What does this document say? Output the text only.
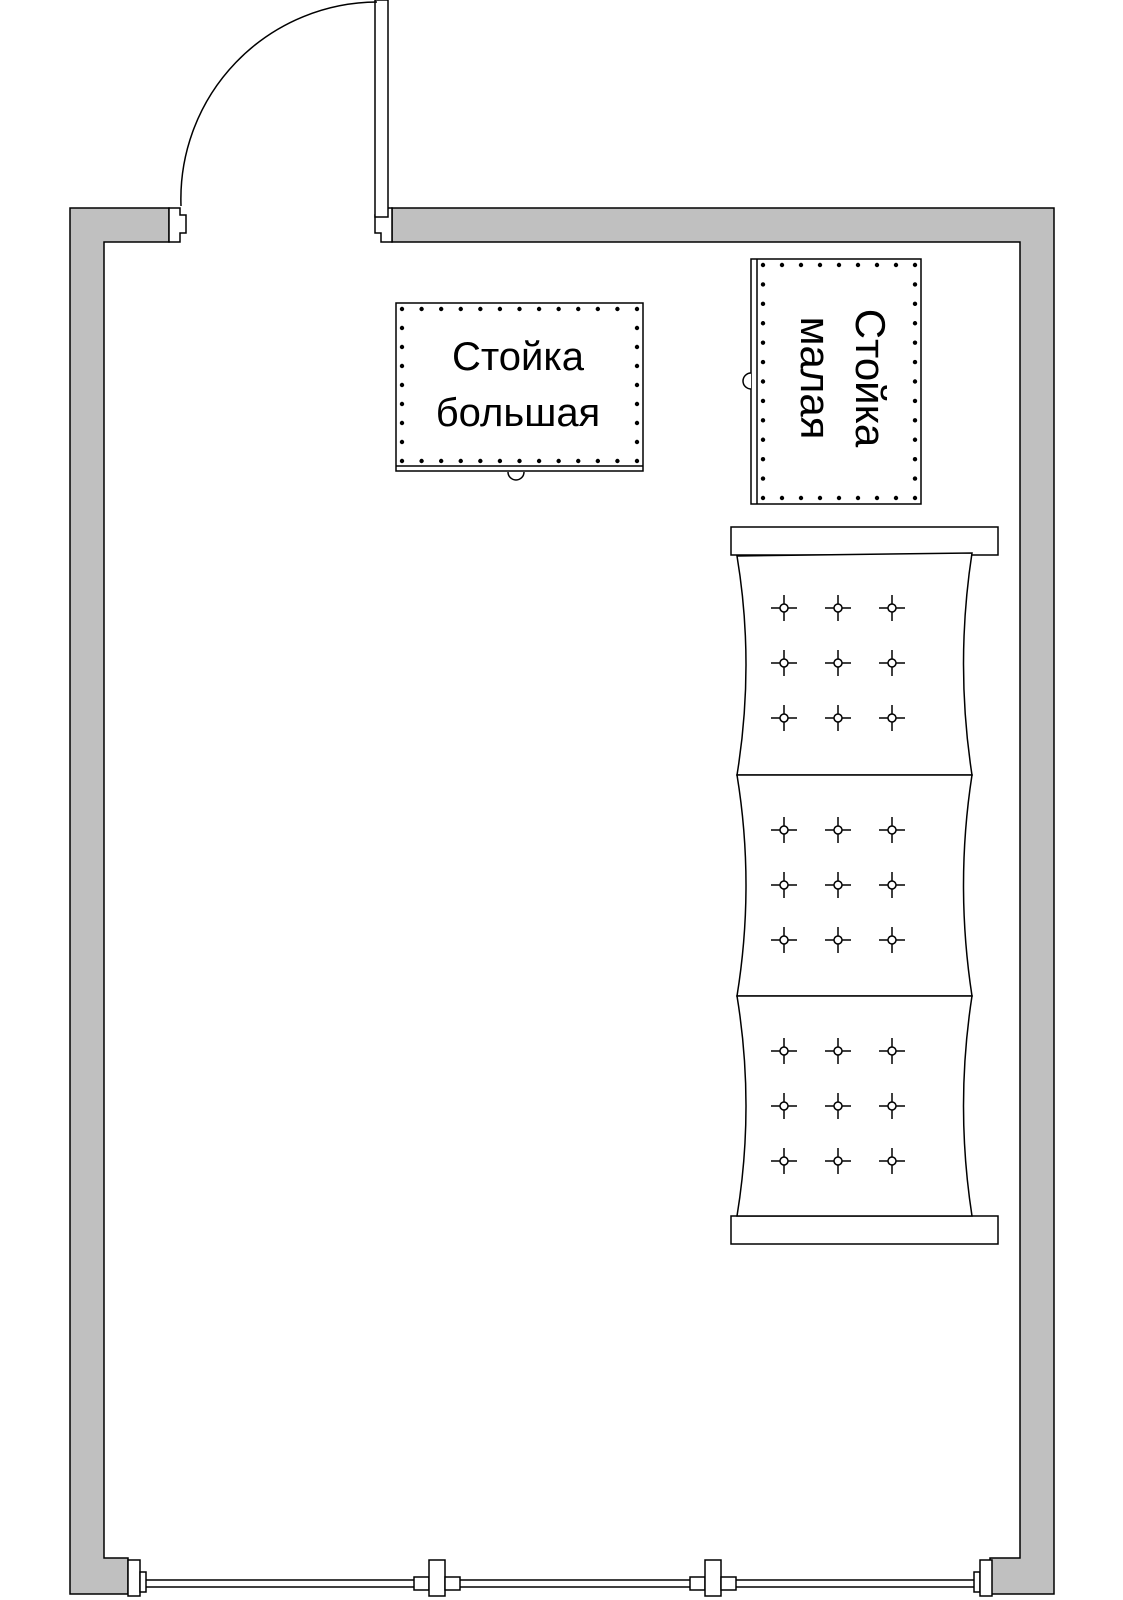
Стойка
большая	Стойка
малая
